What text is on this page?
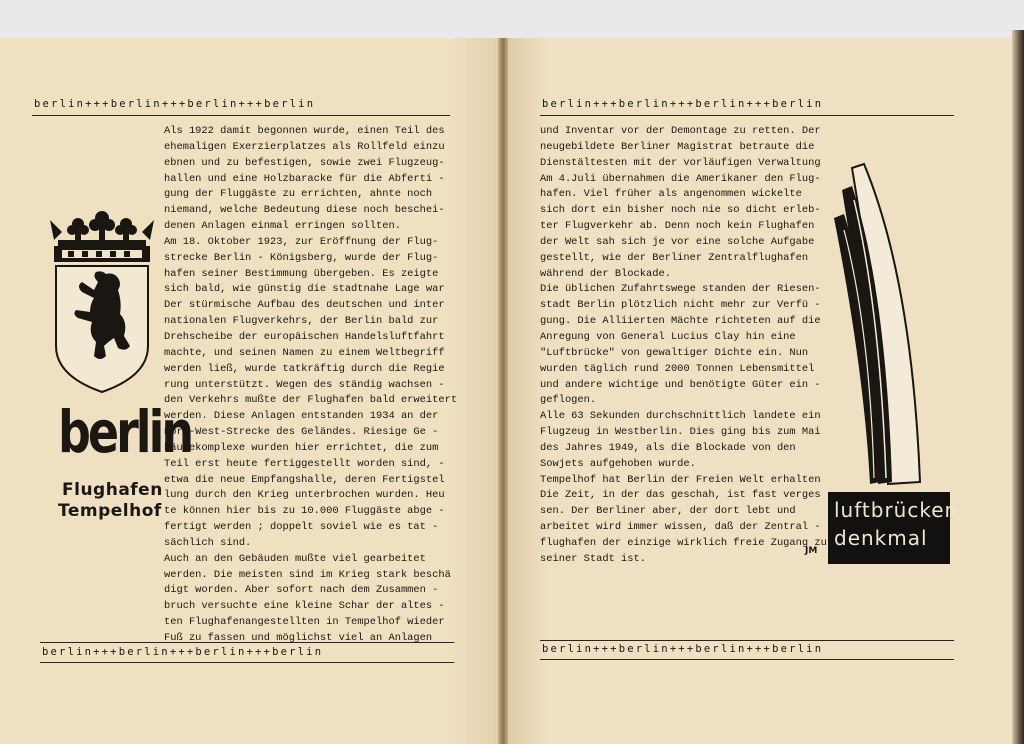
berlin+++berlin+++berlin+++berlin
berlin+++berlin+++berlin+++berlin
berlin+++berlin+++berlin+++berlin
berlin+++berlin+++berlin+++berlin
berlin
Flughafen
Tempelhof
Als 1922 damit begonnen wurde, einen Teil des
ehemaligen Exerzierplatzes als Rollfeld einzu
ebnen und zu befestigen, sowie zwei Flugzeug-
hallen und eine Holzbaracke für die Abferti -
gung der Fluggäste zu errichten, ahnte noch
niemand, welche Bedeutung diese noch beschei-
denen Anlagen einmal erringen sollten.
Am 18. Oktober 1923, zur Eröffnung der Flug-
strecke Berlin - Königsberg, wurde der Flug-
hafen seiner Bestimmung übergeben. Es zeigte
sich bald, wie günstig die stadtnahe Lage war
Der stürmische Aufbau des deutschen und inter
nationalen Flugverkehrs, der Berlin bald zur
Drehscheibe der europäischen Handelsluftfahrt
machte, und seinen Namen zu einem Weltbegriff
werden ließ, wurde tatkräftig durch die Regie
rung unterstützt. Wegen des ständig wachsen -
den Verkehrs mußte der Flughafen bald erweitert
werden. Diese Anlagen entstanden 1934 an der
Nord-West-Strecke des Geländes. Riesige Ge -
bäudekomplexe wurden hier errichtet, die zum
Teil erst heute fertiggestellt worden sind, -
etwa die neue Empfangshalle, deren Fertigstel
lung durch den Krieg unterbrochen wurden. Heu
te können hier bis zu 10.000 Fluggäste abge -
fertigt werden ; doppelt soviel wie es tat -
sächlich sind.
Auch an den Gebäuden mußte viel gearbeitet
werden. Die meisten sind im Krieg stark beschä
digt worden. Aber sofort nach dem Zusammen -
bruch versuchte eine kleine Schar der altes -
ten Flughafenangestellten in Tempelhof wieder
Fuß zu fassen und möglichst viel an Anlagen
und Inventar vor der Demontage zu retten. Der
neugebildete Berliner Magistrat betraute die
Dienstältesten mit der vorläufigen Verwaltung
Am 4.Juli übernahmen die Amerikaner den Flug-
hafen. Viel früher als angenommen wickelte
sich dort ein bisher noch nie so dicht erleb-
ter Flugverkehr ab. Denn noch kein Flughafen
der Welt sah sich je vor eine solche Aufgabe
gestellt, wie der Berliner Zentralflughafen
während der Blockade.
Die üblichen Zufahrtswege standen der Riesen-
stadt Berlin plötzlich nicht mehr zur Verfü -
gung. Die Alliierten Mächte richteten auf die
Anregung von General Lucius Clay hin eine
"Luftbrücke" von gewaltiger Dichte ein. Nun
wurden täglich rund 2000 Tonnen Lebensmittel
und andere wichtige und benötigte Güter ein -
geflogen.
Alle 63 Sekunden durchschnittlich landete ein
Flugzeug in Westberlin. Dies ging bis zum Mai
des Jahres 1949, als die Blockade von den
Sowjets aufgehoben wurde.
Tempelhof hat Berlin der Freien Welt erhalten
Die Zeit, in der das geschah, ist fast verges
sen. Der Berliner aber, der dort lebt und
arbeitet wird immer wissen, daß der Zentral -
flughafen der einzige wirklich freie Zugang zu
seiner Stadt ist.
luftbrücken.
denkmal
JM
